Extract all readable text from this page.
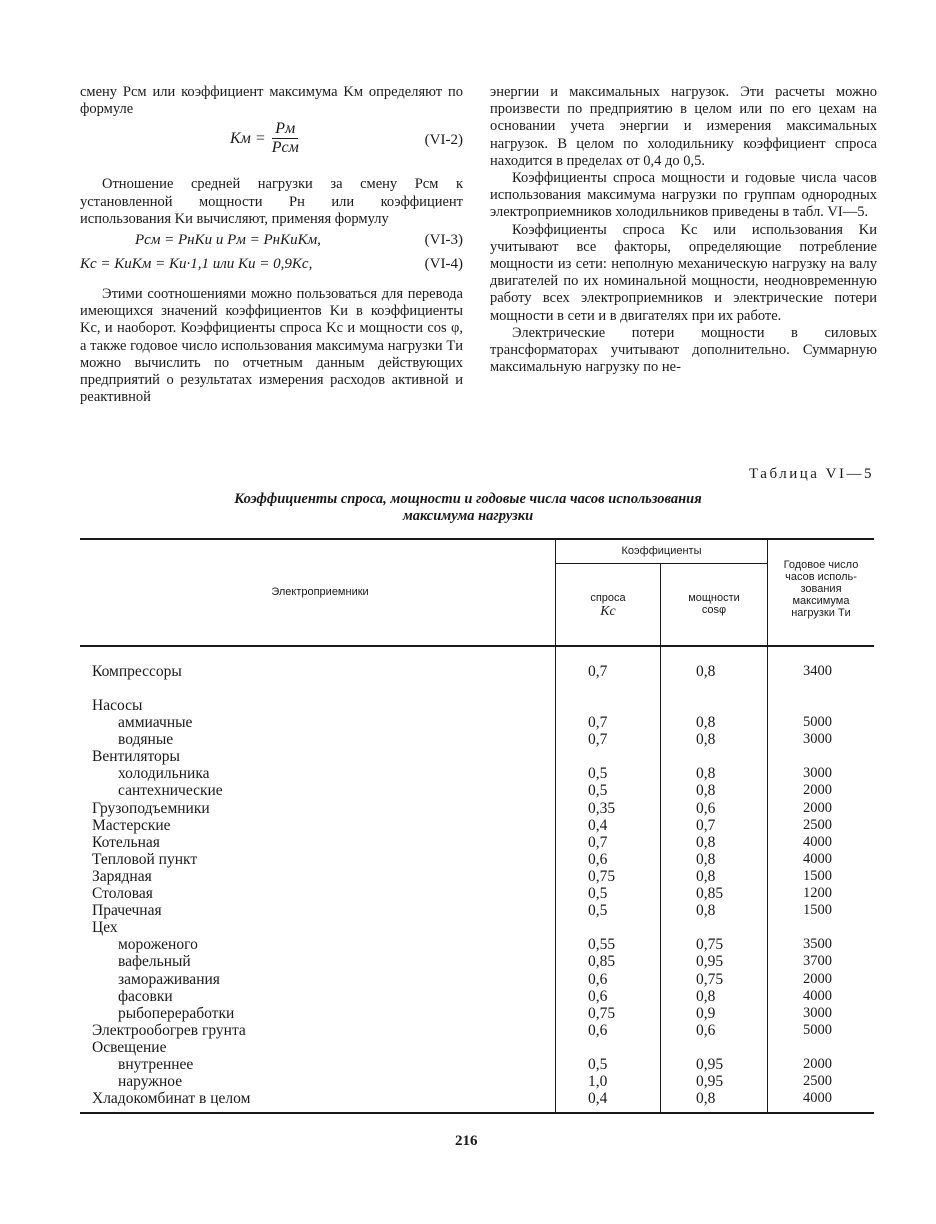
смену Pсм или коэффициент максимума Kм определяют по формуле

Kм =
Pм
Pсм	(VI-2)

Отношение средней нагрузки за смену Pсм к установленной мощности Pн или коэффициент использования Kи вычисляют, применяя формулу

Pсм = PнKи и Pм = PнKиKм,	(VI-3)
Kс = KиKм = Kи·1,1 или Kи = 0,9Kс,	(VI-4)

Этими соотношениями можно пользоваться для перевода имеющихся значений коэффициентов Kи в коэффициенты Kс, и наоборот. Коэффициенты спроса Kс и мощности cos φ, а также годовое число использования максимума нагрузки Tи можно вычислить по отчетным данным действующих предприятий о результатах измерения расходов активной и реактивной

энергии и максимальных нагрузок. Эти расчеты можно произвести по предприятию в целом или по его цехам на основании учета энергии и измерения максимальных нагрузок. В целом по холодильнику коэффициент спроса находится в пределах от 0,4 до 0,5.

Коэффициенты спроса мощности и годовые числа часов использования максимума нагрузки по группам однородных электроприемников холодильников приведены в табл. VI—5.

Коэффициенты спроса Kс или использования Kи учитывают все факторы, определяющие потребление мощности из сети: неполную механическую нагрузку на валу двигателей по их номинальной мощности, неодновременную работу всех электроприемников и электрические потери мощности в сети и в двигателях при их работе.

Электрические потери мощности в силовых трансформаторах учитывают дополнительно. Суммарную максимальную нагрузку по не-

Таблица VI—5
Коэффициенты спроса, мощности и годовые числа часов использования
максимума нагрузки
Электроприемники
Коэффициенты
спроса
Kс
мощности
cosφ
Годовое число
часов исполь-
зования
максимума
нагрузки Tи
Компрессоры	0,7	0,8	3400
Насосы
аммиачные	0,7	0,8	5000
водяные	0,7	0,8	3000
Вентиляторы
холодильника	0,5	0,8	3000
сантехнические	0,5	0,8	2000
Грузоподъемники	0,35	0,6	2000
Мастерские	0,4	0,7	2500
Котельная	0,7	0,8	4000
Тепловой пункт	0,6	0,8	4000
Зарядная	0,75	0,8	1500
Столовая	0,5	0,85	1200
Прачечная	0,5	0,8	1500
Цех
мороженого	0,55	0,75	3500
вафельный	0,85	0,95	3700
замораживания	0,6	0,75	2000
фасовки	0,6	0,8	4000
рыбопереработки	0,75	0,9	3000
Электрообогрев грунта	0,6	0,6	5000
Освещение
внутреннее	0,5	0,95	2000
наружное	1,0	0,95	2500
Хладокомбинат в целом	0,4	0,8	4000
216
